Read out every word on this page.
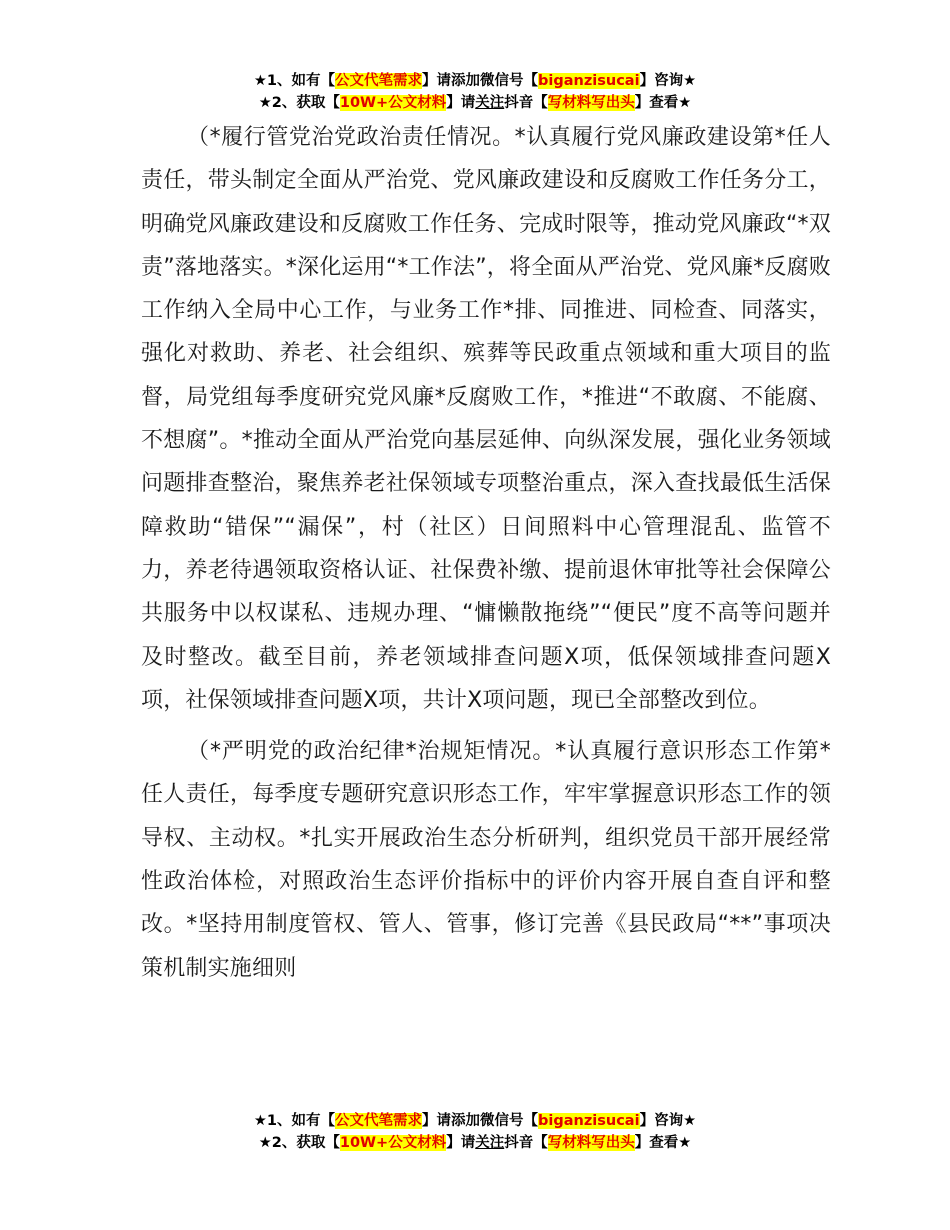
★1、如有【公文代笔需求】请添加微信号【biganzisucai】咨询★
★2、获取【10W+公文材料】请关注抖音【写材料写出头】查看★

（*履行管党治党政治责任情况。*认真履行党风廉政建设第*任人责任，带头制定全面从严治党、党风廉政建设和反腐败工作任务分工，明确党风廉政建设和反腐败工作任务、完成时限等，推动党风廉政“*双责”落地落实。*深化运用“*工作法”，将全面从严治党、党风廉*反腐败工作纳入全局中心工作，与业务工作*排、同推进、同检查、同落实，强化对救助、养老、社会组织、殡葬等民政重点领域和重大项目的监督，局党组每季度研究党风廉*反腐败工作，*推进“不敢腐、不能腐、不想腐”。*推动全面从严治党向基层延伸、向纵深发展，强化业务领域问题排查整治，聚焦养老社保领域专项整治重点，深入查找最低生活保障救助“错保”“漏保”，村（社区）日间照料中心管理混乱、监管不力，养老待遇领取资格认证、社保费补缴、提前退休审批等社会保障公共服务中以权谋私、违规办理、“慵懒散拖绕”“便民”度不高等问题并及时整改。截至目前，养老领域排查问题X项，低保领域排查问题X项，社保领域排查问题X项，共计X项问题，现已全部整改到位。

（*严明党的政治纪律*治规矩情况。*认真履行意识形态工作第*任人责任，每季度专题研究意识形态工作，牢牢掌握意识形态工作的领导权、主动权。*扎实开展政治生态分析研判，组织党员干部开展经常性政治体检，对照政治生态评价指标中的评价内容开展自查自评和整改。*坚持用制度管权、管人、管事，修订完善《县民政局“**”事项决策机制实施细则

★1、如有【公文代笔需求】请添加微信号【biganzisucai】咨询★
★2、获取【10W+公文材料】请关注抖音【写材料写出头】查看★
